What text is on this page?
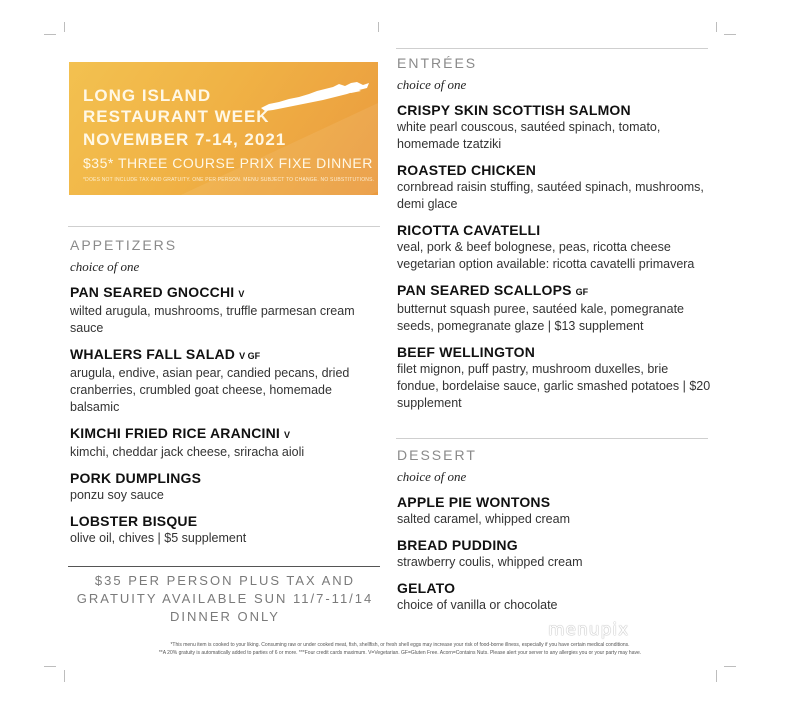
LONG ISLAND
RESTAURANT WEEK
NOVEMBER 7-14, 2021
$35* THREE COURSE PRIX FIXE DINNER
*DOES NOT INCLUDE TAX AND GRATUITY. ONE PER PERSON. MENU SUBJECT TO CHANGE. NO SUBSTITUTIONS.
APPETIZERS
choice of one
PAN SEARED GNOCCHI V
wilted arugula, mushrooms, truffle parmesan cream sauce
WHALERS FALL SALAD V GF
arugula, endive, asian pear, candied pecans, dried cranberries, crumbled goat cheese, homemade balsamic
KIMCHI FRIED RICE ARANCINI V
kimchi, cheddar jack cheese, sriracha aioli
PORK DUMPLINGS
ponzu soy sauce
LOBSTER BISQUE
olive oil, chives | $5 supplement
$35 PER PERSON PLUS TAX AND
GRATUITY AVAILABLE SUN 11/7-11/14
DINNER ONLY
ENTRÉES
choice of one
CRISPY SKIN SCOTTISH SALMON
white pearl couscous, sautéed spinach, tomato, homemade tzatziki
ROASTED CHICKEN
cornbread raisin stuffing, sautéed spinach, mushrooms, demi glace
RICOTTA CAVATELLI
veal, pork & beef bolognese, peas, ricotta cheese
vegetarian option available: ricotta cavatelli primavera
PAN SEARED SCALLOPS GF
butternut squash puree, sautéed kale, pomegranate seeds, pomegranate glaze | $13 supplement
BEEF WELLINGTON
filet mignon, puff pastry, mushroom duxelles, brie fondue, bordelaise sauce, garlic smashed potatoes | $20 supplement
DESSERT
choice of one
APPLE PIE WONTONS
salted caramel, whipped cream
BREAD PUDDING
strawberry coulis, whipped cream
GELATO
choice of vanilla or chocolate
*This menu item is cooked to your liking. Consuming raw or under cooked meat, fish, shellfish, or fresh shell eggs may increase your risk of food-borne illness, especially if you have certain medical conditions.
**A 20% gratuity is automatically added to parties of 6 or more. ***Four credit cards maximum. V=Vegetarian. GF=Gluten Free. Acorn=Contains Nuts. Please alert your server to any allergies you or your party may have.
menupix
